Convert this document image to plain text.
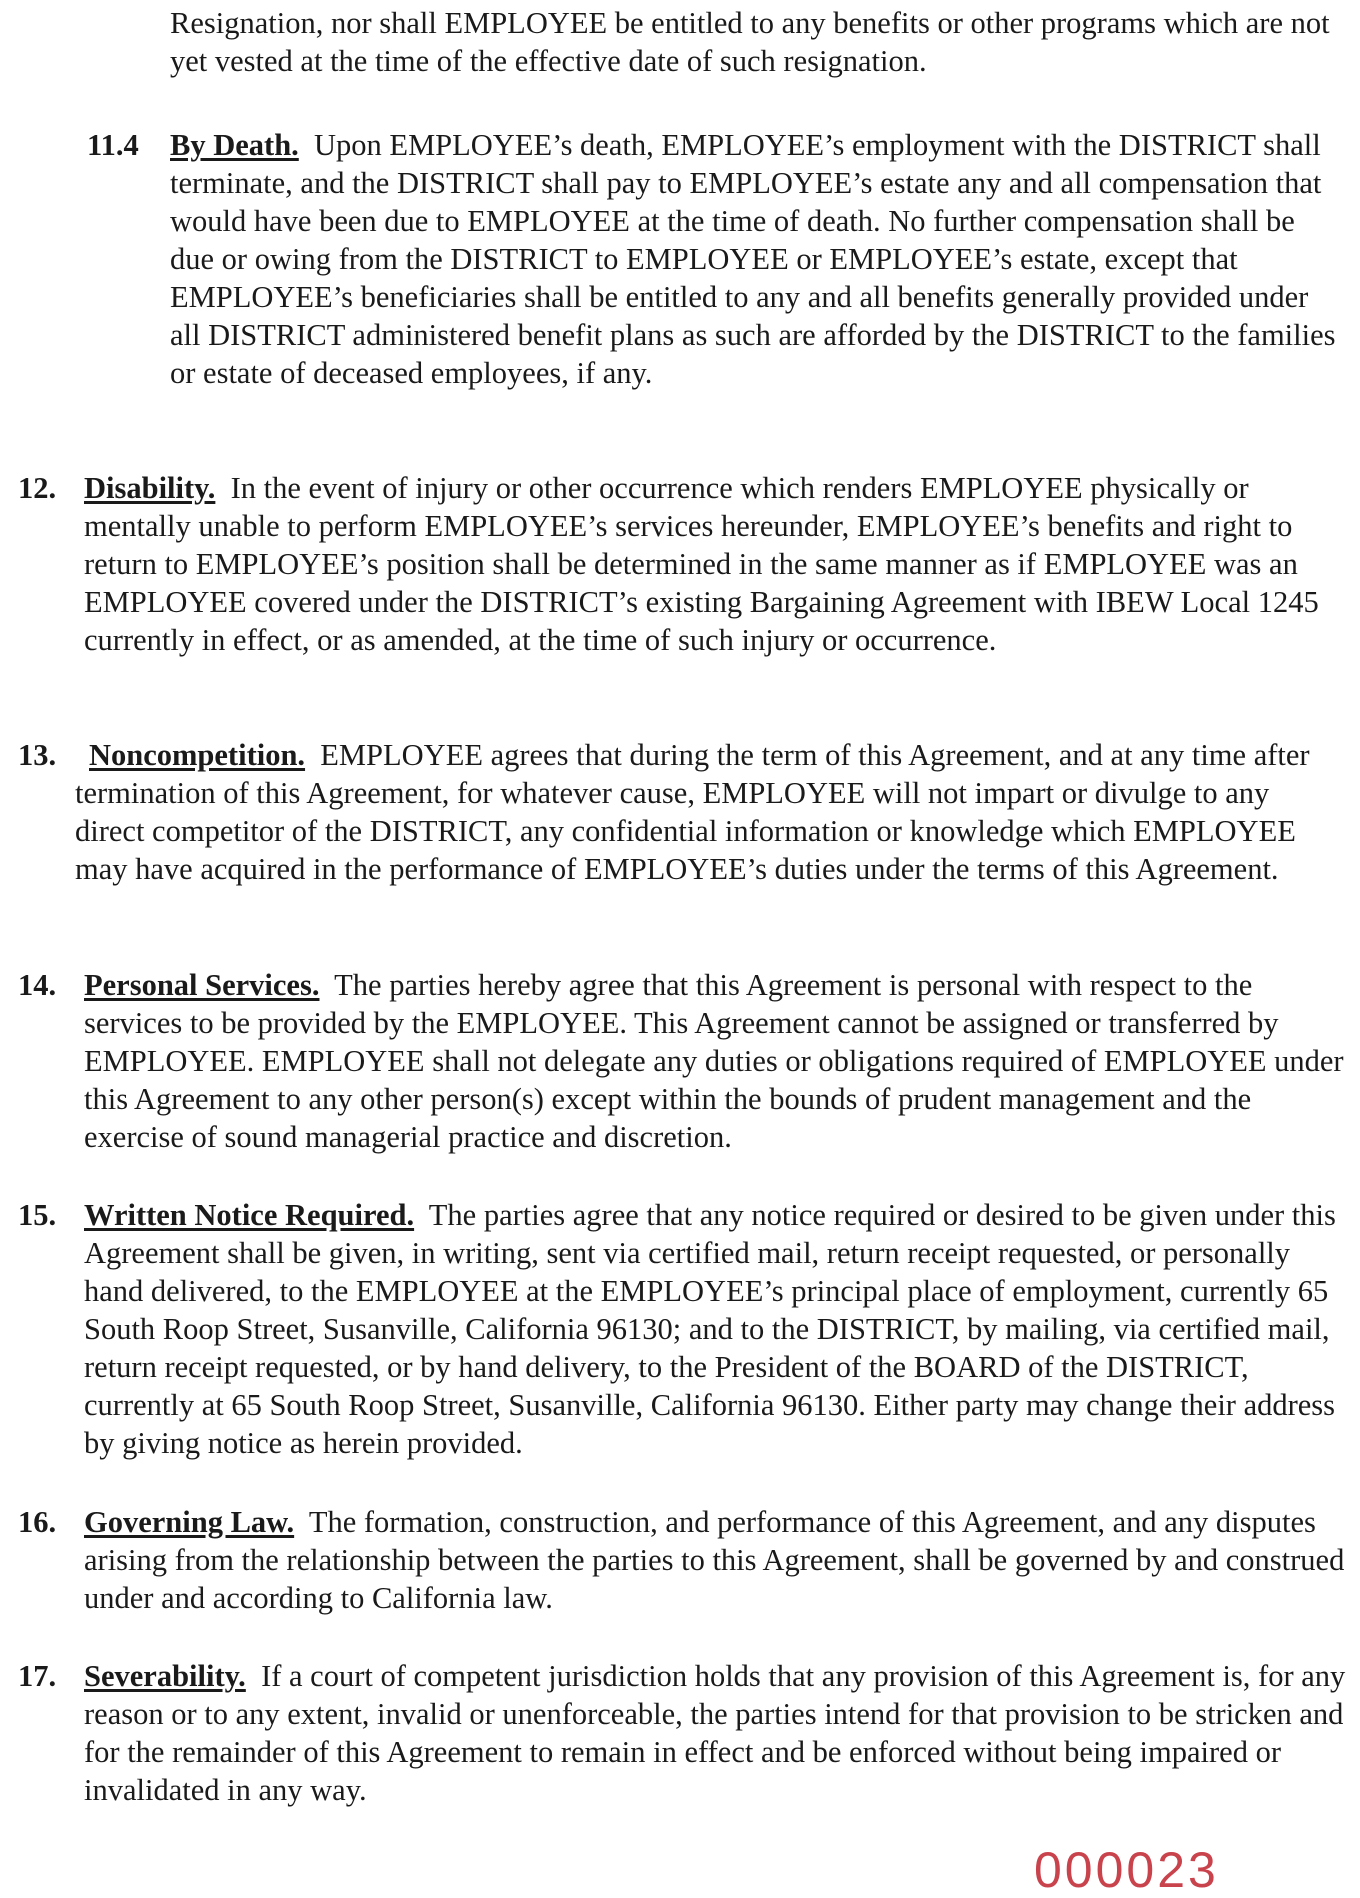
Resignation, nor shall EMPLOYEE be entitled to any benefits or other programs which are not yet vested at the time of the effective date of such resignation.

11.4 By Death. Upon EMPLOYEE’s death, EMPLOYEE’s employment with the DISTRICT shall terminate, and the DISTRICT shall pay to EMPLOYEE’s estate any and all compensation that would have been due to EMPLOYEE at the time of death. No further compensation shall be due or owing from the DISTRICT to EMPLOYEE or EMPLOYEE’s estate, except that EMPLOYEE’s beneficiaries shall be entitled to any and all benefits generally provided under all DISTRICT administered benefit plans as such are afforded by the DISTRICT to the families or estate of deceased employees, if any.

12. Disability. In the event of injury or other occurrence which renders EMPLOYEE physically or mentally unable to perform EMPLOYEE’s services hereunder, EMPLOYEE’s benefits and right to return to EMPLOYEE’s position shall be determined in the same manner as if EMPLOYEE was an EMPLOYEE covered under the DISTRICT’s existing Bargaining Agreement with IBEW Local 1245 currently in effect, or as amended, at the time of such injury or occurrence.

13.	Noncompetition. EMPLOYEE agrees that during the term of this Agreement, and at any time after termination of this Agreement, for whatever cause, EMPLOYEE will not impart or divulge to any direct competitor of the DISTRICT, any confidential information or knowledge which EMPLOYEE may have acquired in the performance of EMPLOYEE’s duties under the terms of this Agreement.

14. Personal Services. The parties hereby agree that this Agreement is personal with respect to the services to be provided by the EMPLOYEE. This Agreement cannot be assigned or transferred by EMPLOYEE. EMPLOYEE shall not delegate any duties or obligations required of EMPLOYEE under this Agreement to any other person(s) except within the bounds of prudent management and the exercise of sound managerial practice and discretion.

15. Written Notice Required. The parties agree that any notice required or desired to be given under this Agreement shall be given, in writing, sent via certified mail, return receipt requested, or personally hand delivered, to the EMPLOYEE at the EMPLOYEE’s principal place of employment, currently 65 South Roop Street, Susanville, California 96130; and to the DISTRICT, by mailing, via certified mail, return receipt requested, or by hand delivery, to the President of the BOARD of the DISTRICT, currently at 65 South Roop Street, Susanville, California 96130. Either party may change their address by giving notice as herein provided.

16. Governing Law. The formation, construction, and performance of this Agreement, and any disputes arising from the relationship between the parties to this Agreement, shall be governed by and construed under and according to California law.

17. Severability. If a court of competent jurisdiction holds that any provision of this Agreement is, for any reason or to any extent, invalid or unenforceable, the parties intend for that provision to be stricken and for the remainder of this Agreement to remain in effect and be enforced without being impaired or invalidated in any way.

000023
